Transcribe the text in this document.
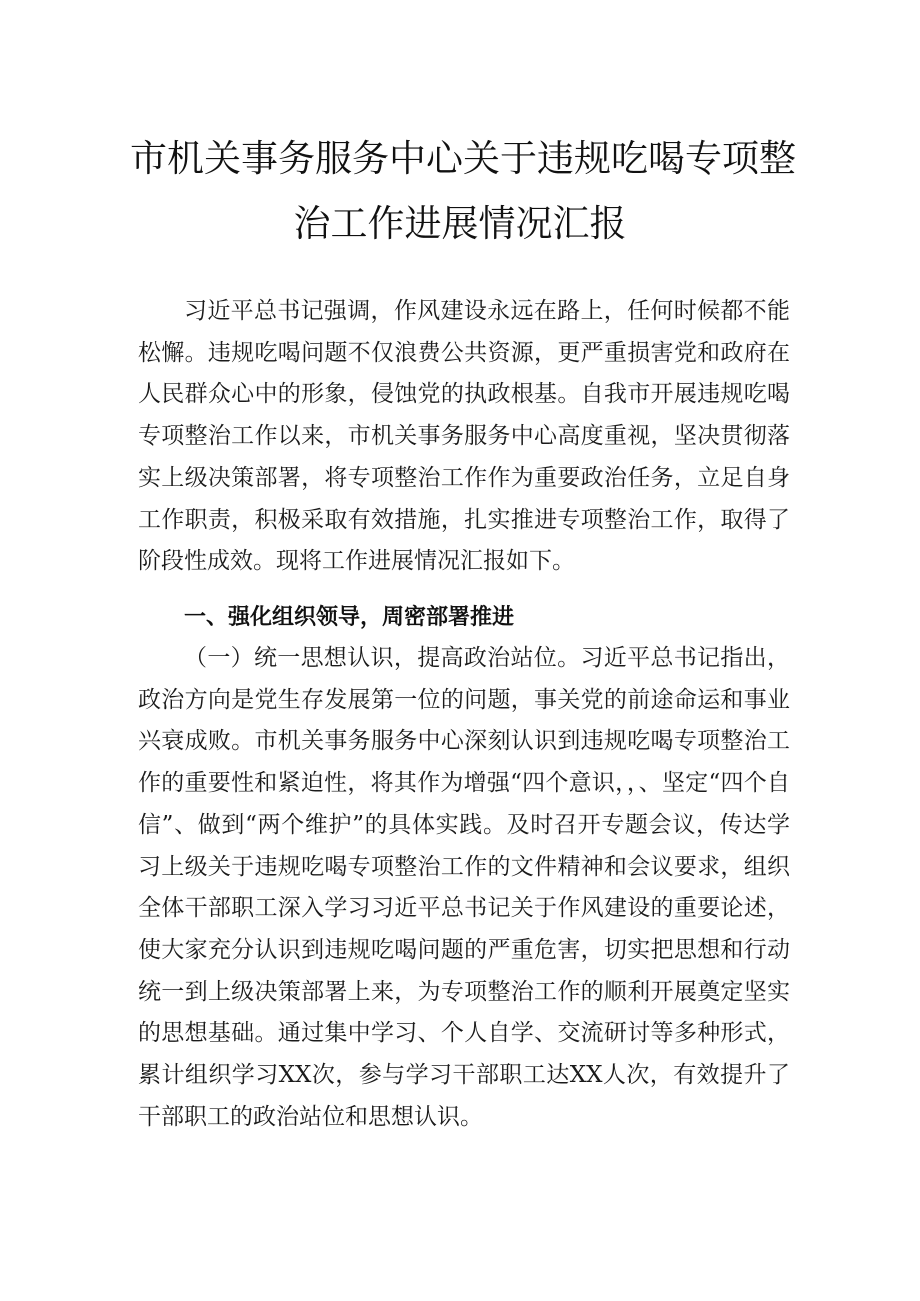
市机关事务服务中心关于违规吃喝专项整
治工作进展情况汇报

习近平总书记强调，作风建设永远在路上，任何时候都不能松懈。违规吃喝问题不仅浪费公共资源，更严重损害党和政府在人民群众心中的形象，侵蚀党的执政根基。自我市开展违规吃喝专项整治工作以来，市机关事务服务中心高度重视，坚决贯彻落实上级决策部署，将专项整治工作作为重要政治任务，立足自身工作职责，积极采取有效措施，扎实推进专项整治工作，取得了阶段性成效。现将工作进展情况汇报如下。

一、强化组织领导，周密部署推进

（一）统一思想认识，提高政治站位。习近平总书记指出，政治方向是党生存发展第一位的问题，事关党的前途命运和事业兴衰成败。市机关事务服务中心深刻认识到违规吃喝专项整治工作的重要性和紧迫性，将其作为增强“四个意识，，、坚定“四个自信”、做到“两个维护”的具体实践。及时召开专题会议，传达学习上级关于违规吃喝专项整治工作的文件精神和会议要求，组织全体干部职工深入学习习近平总书记关于作风建设的重要论述，使大家充分认识到违规吃喝问题的严重危害，切实把思想和行动统一到上级决策部署上来，为专项整治工作的顺利开展奠定坚实的思想基础。通过集中学习、个人自学、交流研讨等多种形式，累计组织学习XX次，参与学习干部职工达XX人次，有效提升了干部职工的政治站位和思想认识。
